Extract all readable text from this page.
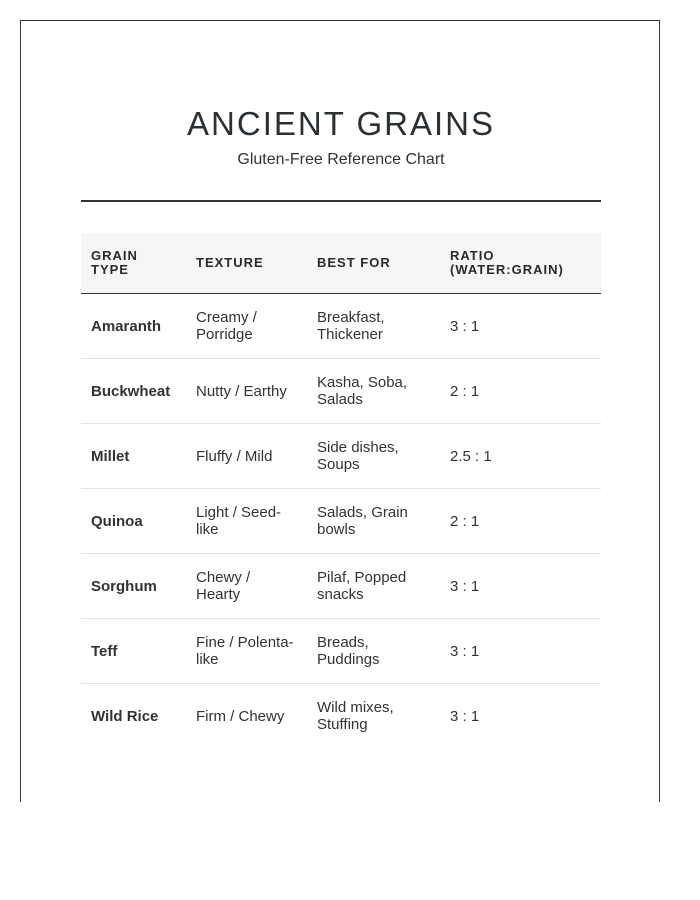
ANCIENT GRAINS
Gluten-Free Reference Chart
GRAIN TYPE	TEXTURE	BEST FOR	RATIO (WATER:GRAIN)
Amaranth	Creamy / Porridge	Breakfast, Thickener	3 : 1
Buckwheat	Nutty / Earthy	Kasha, Soba, Salads	2 : 1
Millet	Fluffy / Mild	Side dishes, Soups	2.5 : 1
Quinoa	Light / Seed-like	Salads, Grain bowls	2 : 1
Sorghum	Chewy / Hearty	Pilaf, Popped snacks	3 : 1
Teff	Fine / Polenta-like	Breads, Puddings	3 : 1
Wild Rice	Firm / Chewy	Wild mixes, Stuffing	3 : 1
